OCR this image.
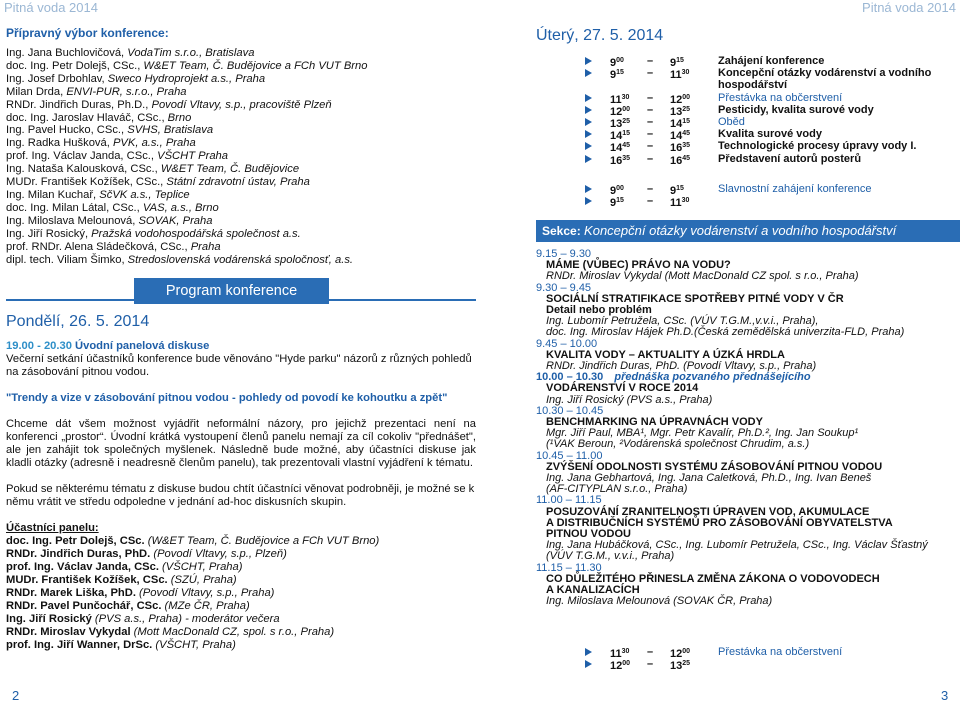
Pitná voda 2014	Pitná voda 2014
Přípravný výbor konference:
Ing. Jana Buchlovičová, VodaTim s.r.o., Bratislava
doc. Ing. Petr Dolejš, CSc., W&ET Team, Č. Budějovice a FCh VUT Brno
Ing. Josef Drbohlav, Sweco Hydroprojekt a.s., Praha
Milan Drda, ENVI-PUR, s.r.o., Praha
RNDr. Jindřich Duras, Ph.D., Povodí Vltavy, s.p., pracoviště Plzeň
doc. Ing. Jaroslav Hlaváč, CSc., Brno
Ing. Pavel Hucko, CSc., SVHS, Bratislava
Ing. Radka Hušková, PVK, a.s., Praha
prof. Ing. Václav Janda, CSc., VŠCHT Praha
Ing. Nataša Kalousková, CSc., W&ET Team, Č. Budějovice
MUDr. František Kožíšek, CSc., Státní zdravotní ústav, Praha
Ing. Milan Kuchař, SčVK a.s., Teplice
doc. Ing. Milan Látal, CSc., VAS, a.s., Brno
Ing. Miloslava Melounová, SOVAK, Praha
Ing. Jiří Rosický, Pražská vodohospodářská společnost a.s.
prof. RNDr. Alena Sládečková, CSc., Praha
dipl. tech. Viliam Šimko, Stredoslovenská vodárenská spoločnosť, a.s.
Program konference
Pondělí, 26. 5. 2014
19.00 - 20.30 Úvodní panelová diskuse
Večerní setkání účastníků konference bude věnováno "Hyde parku" názorů z různých pohledů na zásobování pitnou vodou.
"Trendy a vize v zásobování pitnou vodou - pohledy od povodí ke kohoutku a zpět"
Chceme dát všem možnost vyjádřit neformální názory, pro jejichž prezentaci není na konferenci „prostor“. Úvodní krátká vystoupení členů panelu nemají za cíl cokoliv "přednášet", ale jen zahájit tok společných myšlenek. Následně bude možné, aby účastníci diskuse jak kladli otázky (adresně i neadresně členům panelu), tak prezentovali vlastní vyjádření k tématu.
Pokud se některému tématu z diskuse budou chtít účastníci věnovat podrobněji, je možné se k němu vrátit ve středu odpoledne v jednání ad-hoc diskusních skupin.
Účastníci panelu:
doc. Ing. Petr Dolejš, CSc. (W&ET Team, Č. Budějovice a FCh VUT Brno)
RNDr. Jindřich Duras, PhD. (Povodí Vltavy, s.p., Plzeň)
prof. Ing. Václav Janda, CSc. (VŠCHT, Praha)
MUDr. František Kožíšek, CSc. (SZÚ, Praha)
RNDr. Marek Liška, PhD. (Povodí Vltavy, s.p., Praha)
RNDr. Pavel Punčochář, CSc. (MZe ČR, Praha)
Ing. Jiří Rosický (PVS a.s., Praha) - moderátor večera
RNDr. Miroslav Vykydal (Mott MacDonald CZ, spol. s r.o., Praha)
prof. Ing. Jiří Wanner, DrSc. (VŠCHT, Praha)
2
Úterý, 27. 5. 2014
$9^{00} - 9^{15}$	Zahájení konference
$9^{15} - 11^{30}$	Koncepční otázky vodárenství a vodního
hospodářství
$11^{30} - 12^{00}$	Přestávka na občerstvení
$12^{00} - 13^{25}$	Pesticidy, kvalita surové vody
$13^{25} - 14^{15}$	Oběd
$14^{15} - 14^{45}$	Kvalita surové vody
$14^{45} - 16^{35}$	Technologické procesy úpravy vody I.
$16^{35} - 16^{45}$	Představení autorů posterů
$9^{00} - 9^{15}$	Slavnostní zahájení konference
$9^{15} - 11^{30}$
Sekce: Koncepční otázky vodárenství a vodního hospodářství
9.15 – 9.30
MÁME (VŮBEC) PRÁVO NA VODU?
RNDr. Miroslav Vykydal (Mott MacDonald CZ spol. s r.o., Praha)
9.30 – 9.45
SOCIÁLNÍ STRATIFIKACE SPOTŘEBY PITNÉ VODY V ČR
Detail nebo problém
Ing. Lubomír Petružela, CSc. (VÚV T.G.M.,v.v.i., Praha),
doc. Ing. Miroslav Hájek Ph.D.(Česká zemědělská univerzita-FLD, Praha)
9.45 – 10.00
KVALITA VODY – AKTUALITY A ÚZKÁ HRDLA
RNDr. Jindřich Duras, PhD. (Povodí Vltavy, s.p., Praha)
10.00 – 10.30 přednáška pozvaného přednášejícího
VODÁRENSTVÍ V ROCE 2014
Ing. Jiří Rosický (PVS a.s., Praha)
10.30 – 10.45
BENCHMARKING NA ÚPRAVNÁCH VODY
Mgr. Jiří Paul, MBA¹, Mgr. Petr Kavalír, Ph.D.², Ing. Jan Soukup¹
(¹VAK Beroun, ²Vodárenská společnost Chrudim, a.s.)
10.45 – 11.00
ZVÝŠENÍ ODOLNOSTI SYSTÉMU ZÁSOBOVÁNÍ PITNOU VODOU
Ing. Jana Gebhartová, Ing. Jana Caletková, Ph.D., Ing. Ivan Beneš
(AF-CITYPLAN s.r.o., Praha)
11.00 – 11.15
POSUZOVÁNÍ ZRANITELNOSTI ÚPRAVEN VOD, AKUMULACE
A DISTRIBUČNÍCH SYSTÉMŮ PRO ZÁSOBOVÁNÍ OBYVATELSTVA
PITNOU VODOU
Ing. Jana Hubáčková, CSc., Ing. Lubomír Petružela, CSc., Ing. Václav Šťastný
(VÚV T.G.M., v.v.i., Praha)
11.15 – 11.30
CO DŮLEŽITÉHO PŘINESLA ZMĚNA ZÁKONA O VODOVODECH
A KANALIZACÍCH
Ing. Miloslava Melounová (SOVAK ČR, Praha)
$11^{30} - 12^{00}$	Přestávka na občerstvení
$12^{00} - 13^{25}$
3
